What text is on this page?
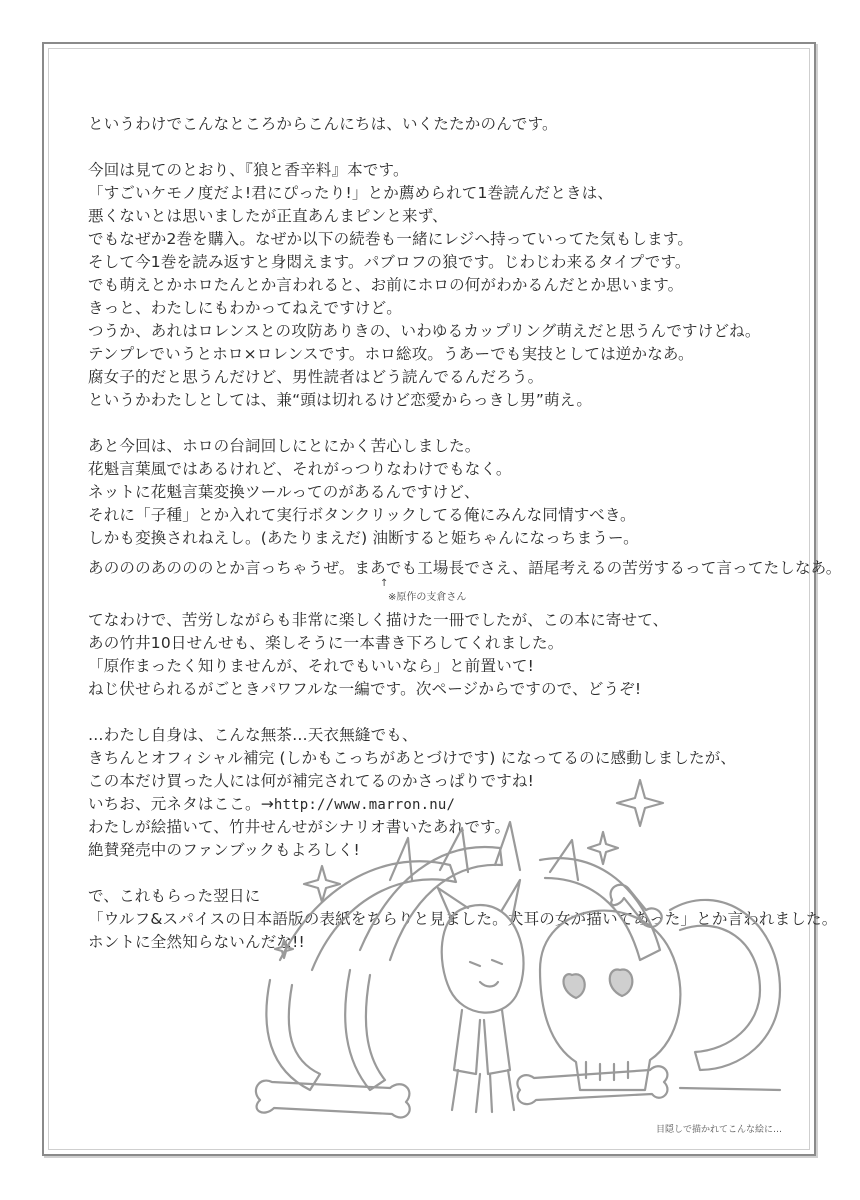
というわけでこんなところからこんにちは、いくたたかのんです。
今回は見てのとおり、『狼と香辛料』本です。
「すごいケモノ度だよ!君にぴったり!」とか薦められて1巻読んだときは、
悪くないとは思いましたが正直あんまピンと来ず、
でもなぜか2巻を購入。なぜか以下の続巻も一緒にレジへ持っていってた気もします。
そして今1巻を読み返すと身悶えます。パブロフの狼です。じわじわ来るタイプです。
でも萌えとかホロたんとか言われると、お前にホロの何がわかるんだとか思います。
きっと、わたしにもわかってねえですけど。
つうか、あれはロレンスとの攻防ありきの、いわゆるカップリング萌えだと思うんですけどね。
テンプレでいうとホロ×ロレンスです。ホロ総攻。うあーでも実技としては逆かなあ。
腐女子的だと思うんだけど、男性読者はどう読んでるんだろう。
というかわたしとしては、兼“頭は切れるけど恋愛からっきし男”萌え。
あと今回は、ホロの台詞回しにとにかく苦心しました。
花魁言葉風ではあるけれど、それがっつりなわけでもなく。
ネットに花魁言葉変換ツールってのがあるんですけど、
それに「子種」とか入れて実行ボタンクリックしてる俺にみんな同情すべき。
しかも変換されねえし。(あたりまえだ) 油断すると姫ちゃんになっちまうー。
あのののあのののとか言っちゃうぜ。まあでも工場長でさえ、語尾考えるの苦労するって言ってたしなあ。
↑
※原作の支倉さん
てなわけで、苦労しながらも非常に楽しく描けた一冊でしたが、この本に寄せて、
あの竹井10日せんせも、楽しそうに一本書き下ろしてくれました。
「原作まったく知りませんが、それでもいいなら」と前置いて!
ねじ伏せられるがごときパワフルな一編です。次ページからですので、どうぞ!
…わたし自身は、こんな無茶…天衣無縫でも、
きちんとオフィシャル補完 (しかもこっちがあとづけです) になってるのに感動しましたが、
この本だけ買った人には何が補完されてるのかさっぱりですね!
いちお、元ネタはここ。→http://www.marron.nu/
わたしが絵描いて、竹井せんせがシナリオ書いたあれです。
絶賛発売中のファンブックもよろしく!
で、これもらった翌日に
「ウルフ&スパイスの日本語版の表紙をちらりと見ました。犬耳の女が描いてあった」とか言われました。
ホントに全然知らないんだな!!
目隠しで描かれてこんな絵に…
